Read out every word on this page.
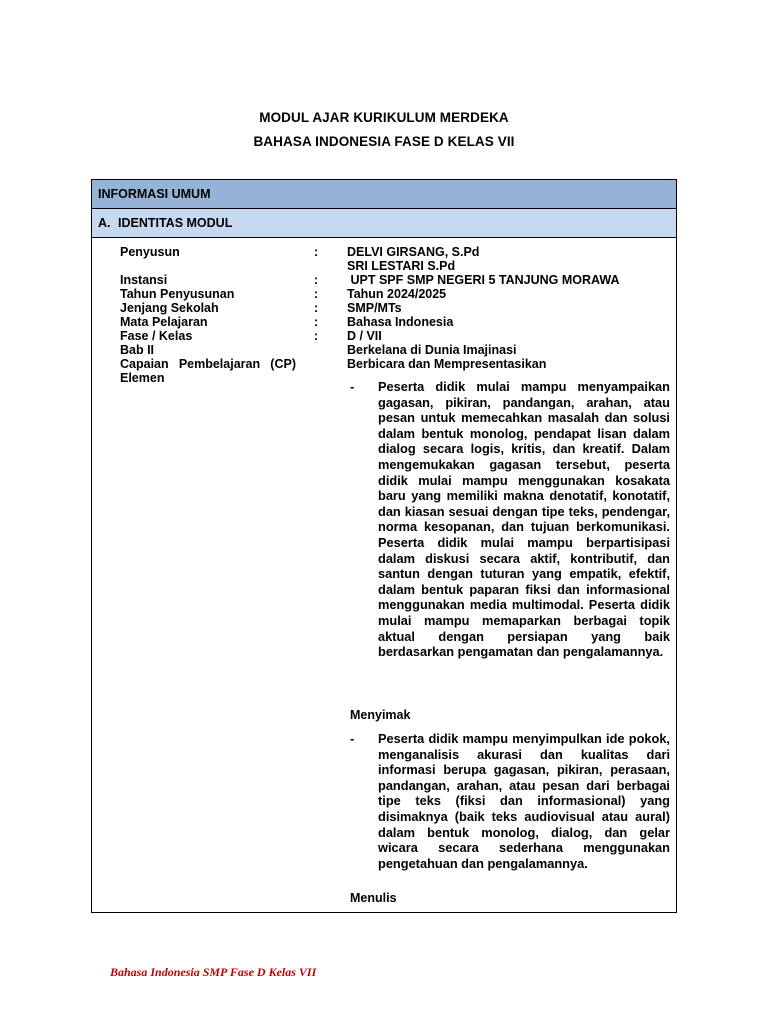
MODUL AJAR KURIKULUM MERDEKA
BAHASA INDONESIA FASE D KELAS VII
INFORMASI UMUM
A. IDENTITAS MODUL
Penyusun	: DELVI GIRSANG, S.Pd
SRI LESTARI S.Pd
Instansi	: UPT SPF SMP NEGERI 5 TANJUNG MORAWA
Tahun Penyusunan	: Tahun 2024/2025
Jenjang Sekolah	: SMP/MTs
Mata Pelajaran	: Bahasa Indonesia
Fase / Kelas	: D / VII
Bab II	Berkelana di Dunia Imajinasi
Capaian Pembelajaran (CP)	Berbicara dan Mempresentasikan
Elemen
- Peserta didik mulai mampu menyampaikan gagasan, pikiran, pandangan, arahan, atau pesan untuk memecahkan masalah dan solusi dalam bentuk monolog, pendapat lisan dalam dialog secara logis, kritis, dan kreatif. Dalam mengemukakan gagasan tersebut, peserta didik mulai mampu menggunakan kosakata baru yang memiliki makna denotatif, konotatif, dan kiasan sesuai dengan tipe teks, pendengar, norma kesopanan, dan tujuan berkomunikasi. Peserta didik mulai mampu berpartisipasi dalam diskusi secara aktif, kontributif, dan santun dengan tuturan yang empatik, efektif, dalam bentuk paparan fiksi dan informasional menggunakan media multimodal. Peserta didik mulai mampu memaparkan berbagai topik aktual dengan persiapan yang baik berdasarkan pengamatan dan pengalamannya.
Menyimak
- Peserta didik mampu menyimpulkan ide pokok, menganalisis akurasi dan kualitas dari informasi berupa gagasan, pikiran, perasaan, pandangan, arahan, atau pesan dari berbagai tipe teks (fiksi dan informasional) yang disimaknya (baik teks audiovisual atau aural) dalam bentuk monolog, dialog, dan gelar wicara secara sederhana menggunakan pengetahuan dan pengalamannya.
Menulis
Bahasa Indonesia SMP Fase D Kelas VII
